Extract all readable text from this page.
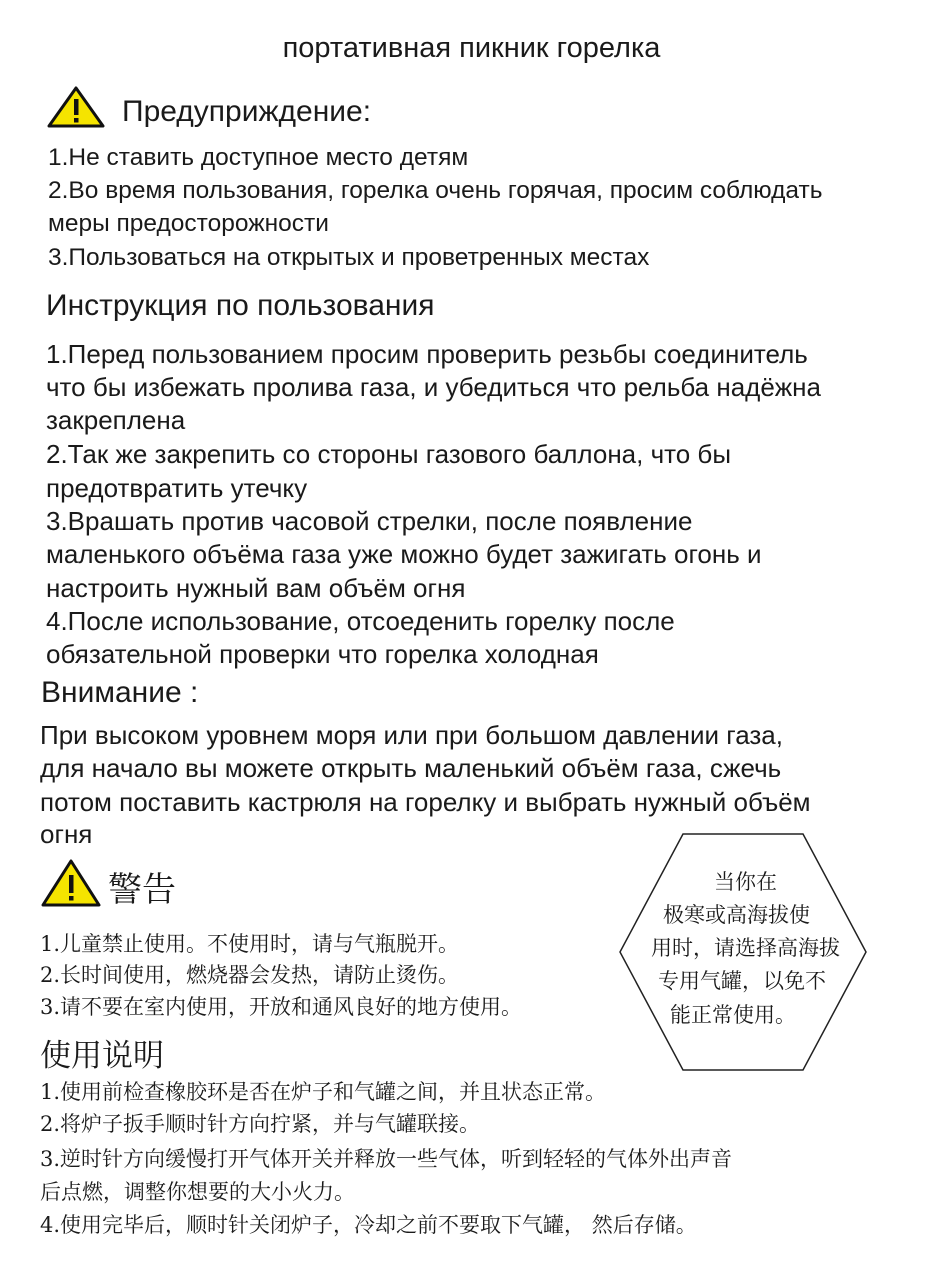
портативная пикник горелка
Предуприждение:
1.Не ставить доступное место детям
2.Во время пользования, горелка очень горячая, просим соблюдать
меры предосторожности
3.Пользоваться на открытых и проветренных местах
Инструкция по пользования
1.Перед пользованием просим проверить резьбы соединитель
что бы избежать пролива газа, и убедиться что рельба надёжна
закреплена
2.Так же закрепить со стороны газового баллона, что бы
предотвратить утечку
3.Врашать против часовой стрелки, после появление
маленького объёма газа уже можно будет зажигать огонь и
настроить нужный вам объём огня
4.После использование, отсоеденить горелку после
обязательной проверки что горелка холодная
Внимание :
При высоком уровнем моря или при большом давлении газа,
для начало вы можете открыть маленький объём газа, сжечь
потом поставить кастрюля на горелку и выбрать нужный объём
огня
警告
1.儿童禁止使用。不使用时，请与气瓶脱开。
2.长时间使用，燃烧器会发热，请防止烫伤。
3.请不要在室内使用，开放和通风良好的地方使用。
当你在
极寒或高海拔使
用时，请选择高海拔
专用气罐，以免不
能正常使用。
使用说明
1.使用前检查橡胶环是否在炉子和气罐之间，并且状态正常。
2.将炉子扳手顺时针方向拧紧，并与气罐联接。
3.逆时针方向缓慢打开气体开关并释放一些气体，听到轻轻的气体外出声音
后点燃，调整你想要的大小火力。
4.使用完毕后，顺时针关闭炉子，冷却之前不要取下气罐， 然后存储。
